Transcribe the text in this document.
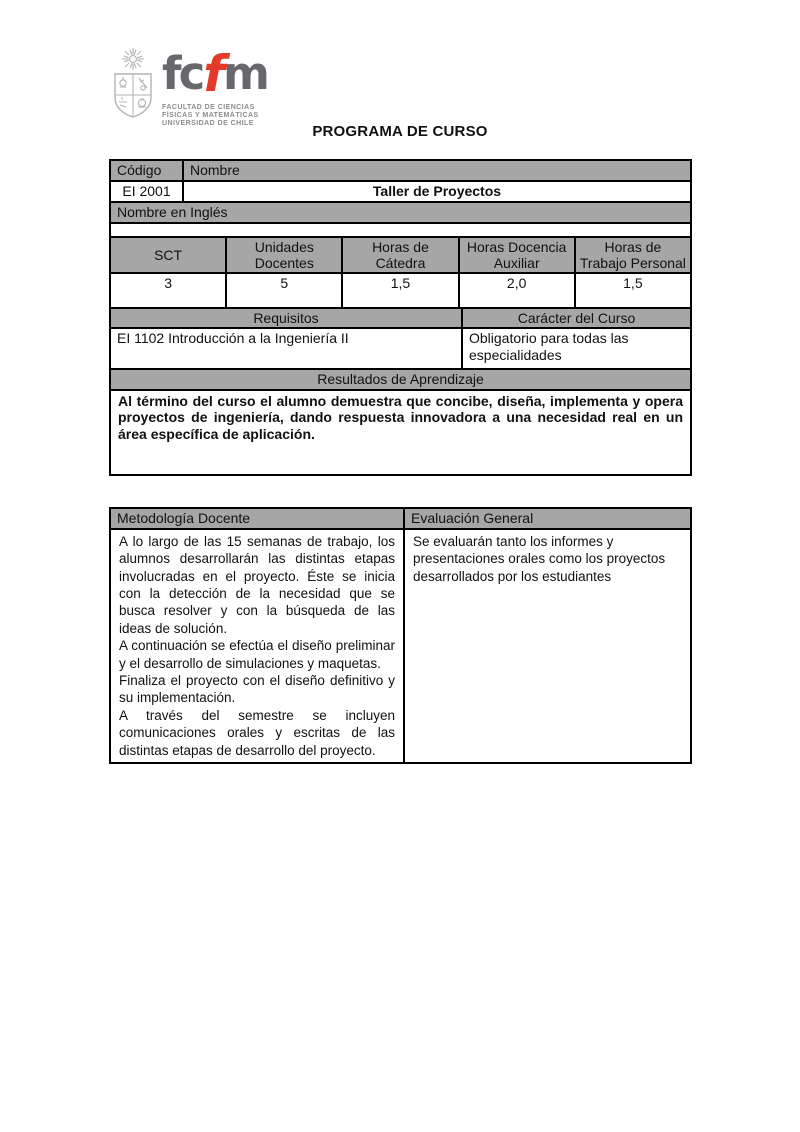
fcfm
FACULTAD DE CIENCIAS
FÍSICAS Y MATEMÁTICAS
UNIVERSIDAD DE CHILE	PROGRAMA DE CURSO
Código	Nombre
EI 2001	Taller de Proyectos
Nombre en Inglés	

SCT	Unidades Docentes	Horas de Cátedra	Horas Docencia Auxiliar	Horas de Trabajo Personal
3	5	1,5	2,0	1,5
Requisitos	Carácter del Curso
EI 1102 Introducción a la Ingeniería II	Obligatorio para todas las especialidades
Resultados de Aprendizaje
Al término del curso el alumno demuestra que concibe, diseña, implementa y opera proyectos de ingeniería, dando respuesta innovadora a una necesidad real en un área específica de aplicación.
Metodología Docente	Evaluación General

A lo largo de las 15 semanas de trabajo, los alumnos desarrollarán las distintas etapas involucradas en el proyecto. Éste se inicia con la detección de la necesidad que se busca resolver y con la búsqueda de las ideas de solución.

A continuación se efectúa el diseño preliminar y el desarrollo de simulaciones y maquetas.

Finaliza el proyecto con el diseño definitivo y su implementación.

A través del semestre se incluyen comunicaciones orales y escritas de las distintas etapas de desarrollo del proyecto.	Se evaluarán tanto los informes y presentaciones orales como los proyectos desarrollados por los estudiantes
